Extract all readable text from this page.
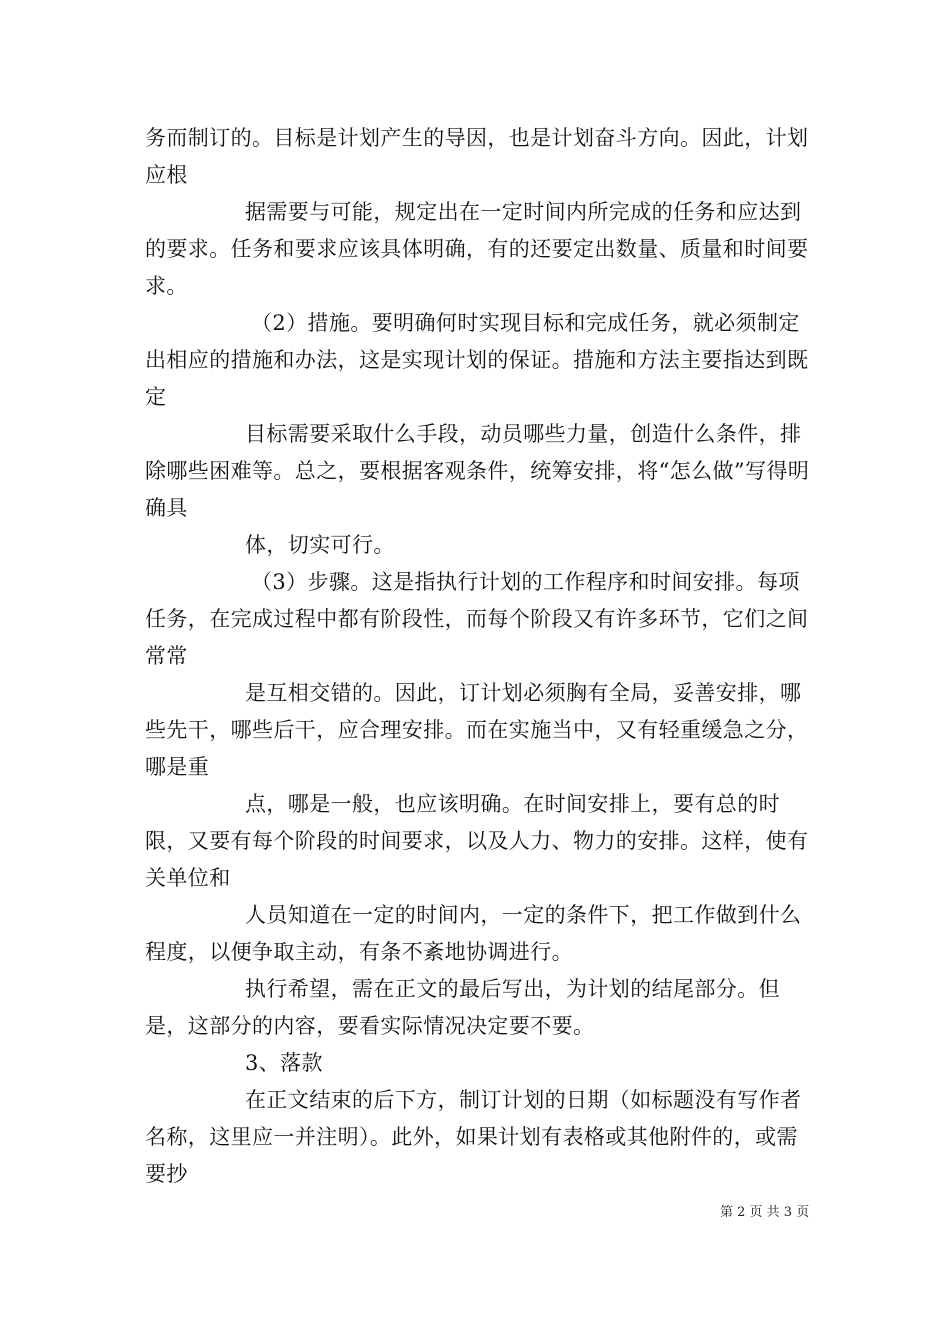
务而制订的。目标是计划产生的导因，也是计划奋斗方向。因此，计划应根

据需要与可能，规定出在一定时间内所完成的任务和应达到的要求。任务和要求应该具体明确，有的还要定出数量、质量和时间要求。

（2）措施。要明确何时实现目标和完成任务，就必须制定出相应的措施和办法，这是实现计划的保证。措施和方法主要指达到既定

目标需要采取什么手段，动员哪些力量，创造什么条件，排除哪些困难等。总之，要根据客观条件，统筹安排，将“怎么做”写得明确具

体，切实可行。

（3）步骤。这是指执行计划的工作程序和时间安排。每项任务，在完成过程中都有阶段性，而每个阶段又有许多环节，它们之间常常

是互相交错的。因此，订计划必须胸有全局，妥善安排，哪些先干，哪些后干，应合理安排。而在实施当中，又有轻重缓急之分，哪是重

点，哪是一般，也应该明确。在时间安排上，要有总的时限，又要有每个阶段的时间要求，以及人力、物力的安排。这样，使有关单位和

人员知道在一定的时间内，一定的条件下，把工作做到什么程度，以便争取主动，有条不紊地协调进行。

执行希望，需在正文的最后写出，为计划的结尾部分。但是，这部分的内容，要看实际情况决定要不要。

3、落款

在正文结束的后下方，制订计划的日期（如标题没有写作者名称，这里应一并注明）。此外，如果计划有表格或其他附件的，或需要抄

第 2 页 共 3 页
